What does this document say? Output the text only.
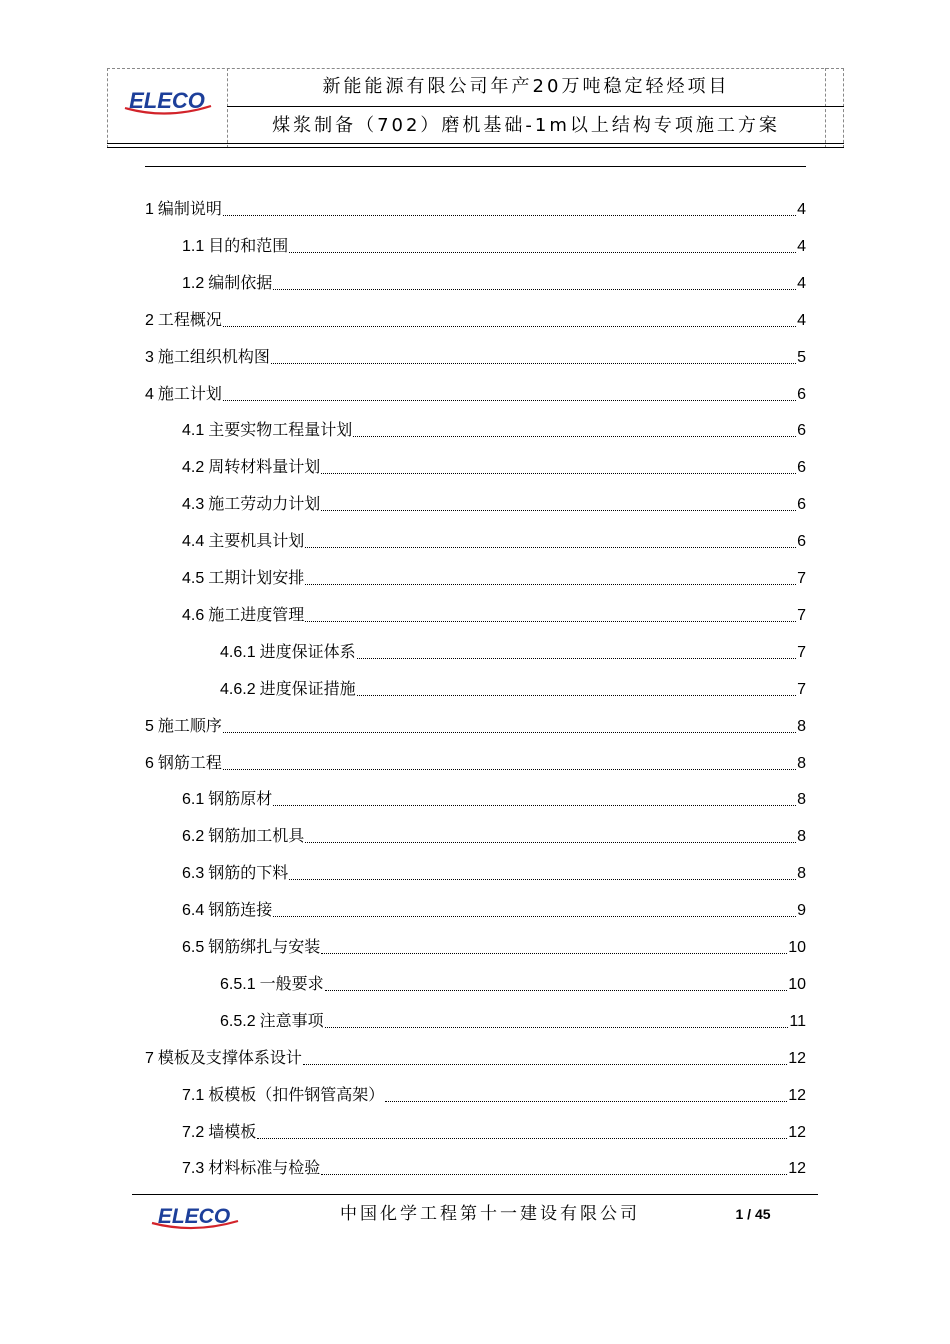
ELECO
新能能源有限公司年产20万吨稳定轻烃项目
煤浆制备（702）磨机基础-1m以上结构专项施工方案
1 编制说明	4
1.1 目的和范围	4
1.2 编制依据	4
2 工程概况	4
3 施工组织机构图	5
4 施工计划	6
4.1 主要实物工程量计划	6
4.2 周转材料量计划	6
4.3 施工劳动力计划	6
4.4 主要机具计划	6
4.5 工期计划安排	7
4.6 施工进度管理	7
4.6.1 进度保证体系	7
4.6.2 进度保证措施	7
5 施工顺序	8
6 钢筋工程	8
6.1 钢筋原材	8
6.2 钢筋加工机具	8
6.3 钢筋的下料	8
6.4 钢筋连接	9
6.5 钢筋绑扎与安装	10
6.5.1 一般要求	10
6.5.2 注意事项	11
7 模板及支撑体系设计	12
7.1 板模板（扣件钢管高架）	12
7.2 墙模板	12
7.3 材料标准与检验	12
ELECO	中国化学工程第十一建设有限公司	1 / 45
